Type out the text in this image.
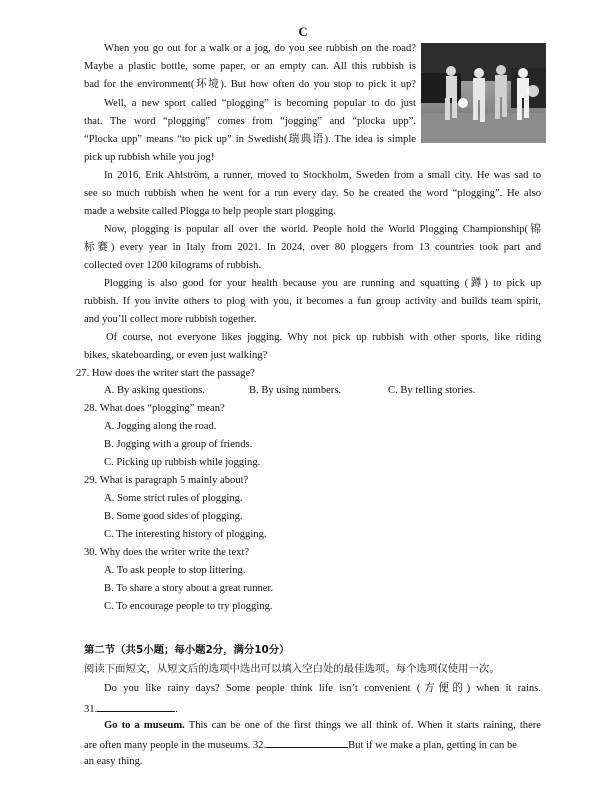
C
When you go out for a walk or a jog, do you see rubbish on the road?
Maybe a plastic bottle, some paper, or an empty can. All this rubbish is
bad for the environment(环境). But how often do you stop to pick it up?
Well, a new sport called “plogging” is becoming popular to do just
that. The word “plogging” comes from “jogging” and “plocka upp”.
“Plocka upp” means “to pick up” in Swedish(瑞典语). The idea is simple
pick up rubbish while you jog!
In 2016, Erik Ahlström, a runner, moved to Stockholm, Sweden from a small city. He was sad to
see so much rubbish when he went for a run every day. So he created the word “plogging”. He also
made a website called Plogga to help people start plogging.
Now, plogging is popular all over the world. People hold the World Plogging Championship(锦
标赛) every year in Italy from 2021. In 2024, over 80 ploggers from 13 countries took part and
collected over 1200 kilograms of rubbish.
Plogging is also good for your health because you are running and squatting (蹲) to pick up
rubbish. If you invite others to plog with you, it becomes a fun group activity and builds team spirit,
and you’ll collect more rubbish together.
Of course, not everyone likes jogging. Why not pick up rubbish with other sports, like riding
bikes, skateboarding, or even just walking?
27. How does the writer start the passage?
A. By asking questions.	B. By using numbers.	C. By telling stories.
28. What does “plogging” mean?
A. Jogging along the road.
B. Jogging with a group of friends.
C. Picking up rubbish while jogging.
29. What is paragraph 5 mainly about?
A. Some strict rules of plogging.
B. Some good sides of plogging.
C. The interesting history of plogging.
30. Why does the writer write the text?
A. To ask people to stop littering.
B. To share a story about a great runner.
C. To encourage people to try plogging.
第二节（共5小题；每小题2分，满分10分）
阅读下面短文，从短文后的选项中选出可以填入空白处的最佳选项。每个选项仅使用一次。
Do you like rainy days? Some people think life isn’t convenient (方便的) when it rains.
31.	.
Go to a museum. This can be one of the first things we all think of. When it starts raining, there
are often many people in the museums. 32.	But if we make a plan, getting in can be
an easy thing.
